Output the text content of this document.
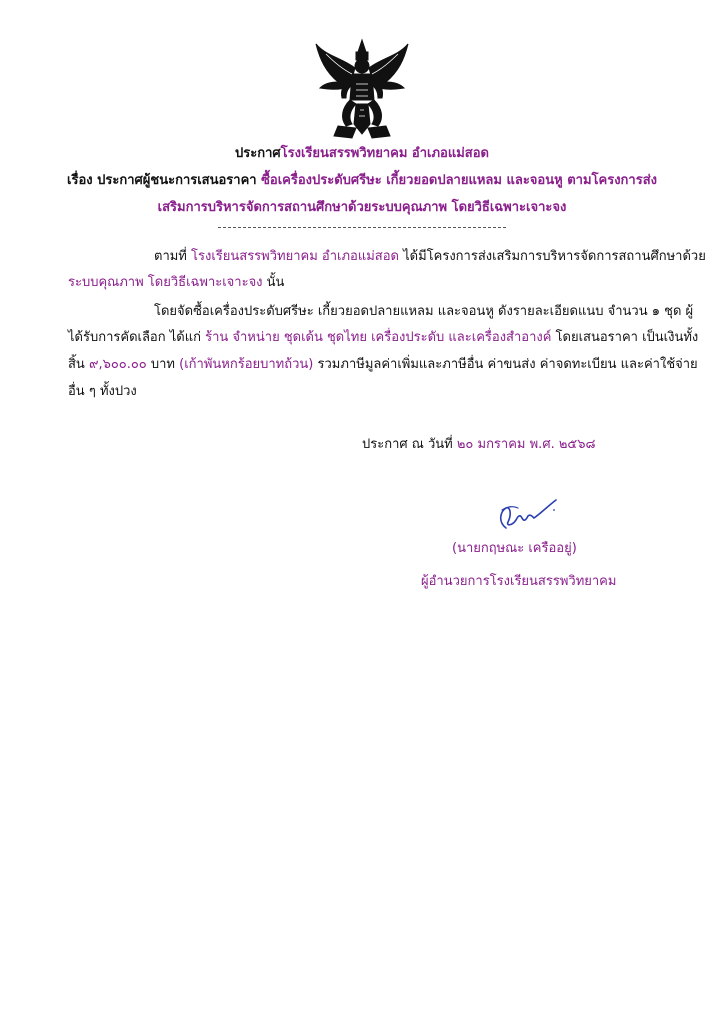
ประกาศโรงเรียนสรรพวิทยาคม อำเภอแม่สอด
เรื่อง ประกาศผู้ชนะการเสนอราคา ซื้อเครื่องประดับศรีษะ เกี้ยวยอดปลายแหลม และจอนหู ตามโครงการส่ง
เสริมการบริหารจัดการสถานศึกษาด้วยระบบคุณภาพ โดยวิธีเฉพาะเจาะจง
ตามที่ โรงเรียนสรรพวิทยาคม อำเภอแม่สอด ได้มีโครงการส่งเสริมการบริหารจัดการสถานศึกษาด้วย
ระบบคุณภาพ โดยวิธีเฉพาะเจาะจง นั้น
โดยจัดซื้อเครื่องประดับศรีษะ เกี้ยวยอดปลายแหลม และจอนหู ดังรายละเอียดแนบ จำนวน ๑ ชุด ผู้
ได้รับการคัดเลือก ได้แก่ ร้าน จำหน่าย ชุดเด้น ชุดไทย เครื่องประดับ และเครื่องสำอางค์ โดยเสนอราคา เป็นเงินทั้ง
สิ้น ๙,๖๐๐.๐๐ บาท (เก้าพันหกร้อยบาทถ้วน) รวมภาษีมูลค่าเพิ่มและภาษีอื่น ค่าขนส่ง ค่าจดทะเบียน และค่าใช้จ่าย
อื่น ๆ ทั้งปวง
ประกาศ ณ วันที่ ๒๐ มกราคม พ.ศ. ๒๕๖๘
(นายกฤษณะ เครืออยู่)
ผู้อำนวยการโรงเรียนสรรพวิทยาคม
